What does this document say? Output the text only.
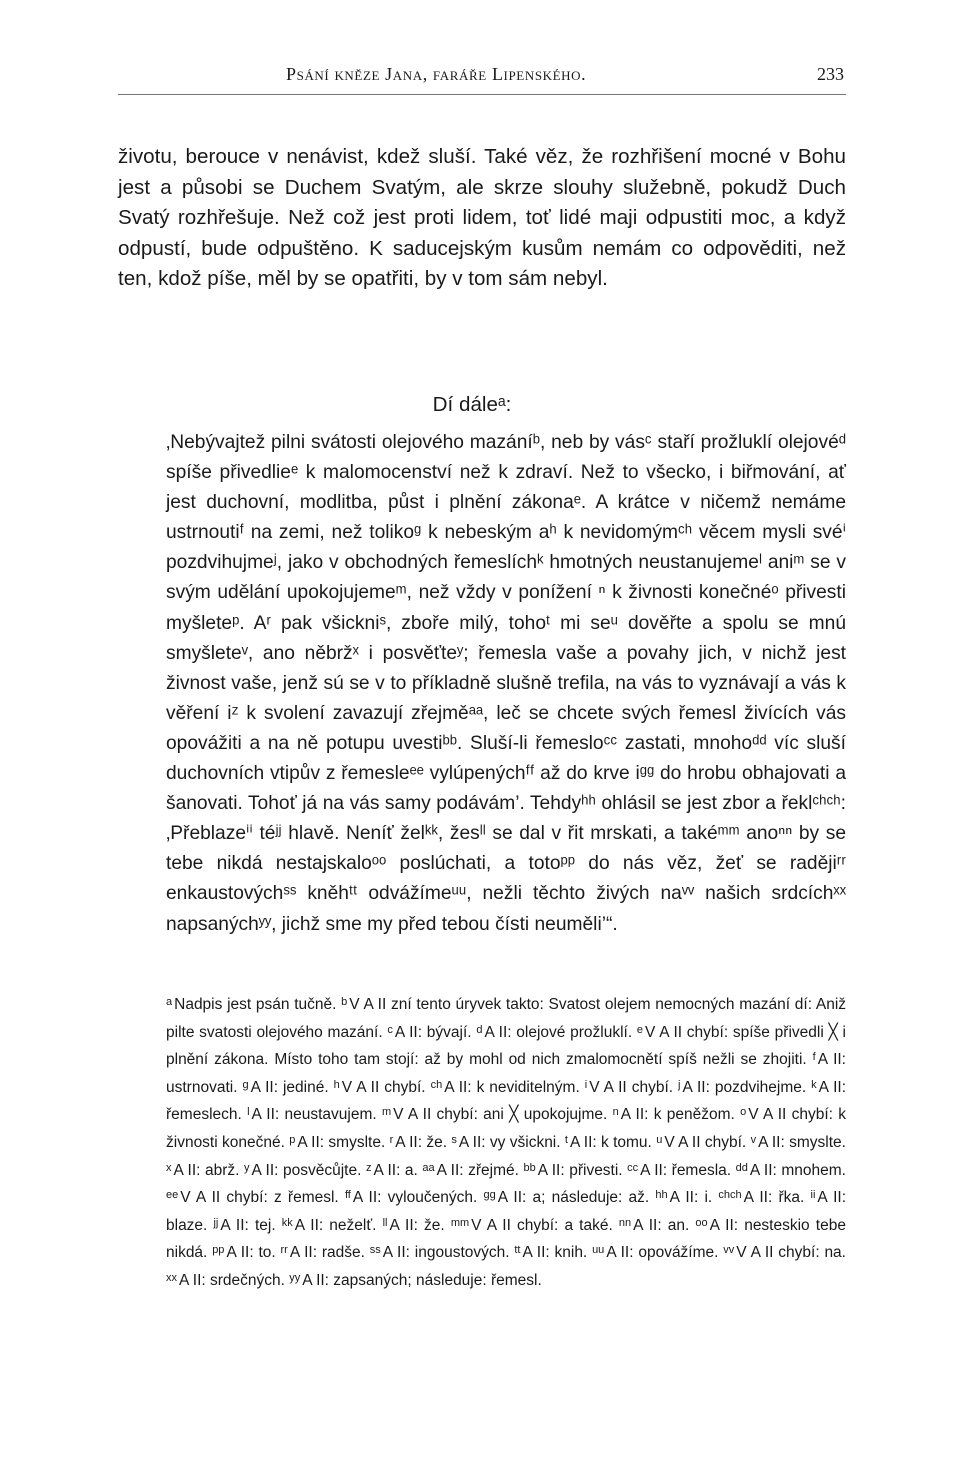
Psání kněze Jana, faráře Lipenského.	233

životu, berouce v nenávist, kdež sluší. Také věz, že rozhřišení mocné v Bohu jest a působi se Duchem Svatým, ale skrze slouhy služebně, pokudž Duch Svatý rozhřešuje. Než což jest proti lidem, toť lidé maji odpustiti moc, a když odpustí, bude odpuštěno. K saducejským kusům nemám co odpověditi, než ten, kdož píše, měl by se opatřiti, by v tom sám nebyl.

Dí dáleᵃ:

‚Nebývajtež pilni svátosti olejového mazáníᵇ, neb by vásᶜ staří prožluklí olejovéᵈ spíše přivedlieᵉ k malomocenství než k zdraví. Než to všecko, i biřmování, ať jest duchovní, modlitba, půst i plnění zákonaᵉ. A krátce v ničemž nemáme ustrnoutiᶠ na zemi, než tolikoᵍ k nebeským aʰ k nevidomýmᶜʰ věcem mysli svéⁱ pozdvihujmeʲ, jako v obchodných řemeslíchᵏ hmotných neustanujemeˡ aniᵐ se v svým udělání upokojujemeᵐ, než vždy v ponížení ⁿ k živnosti konečnéᵒ přivesti myšleteᵖ. Aʳ pak všickniˢ, zboře milý, tohoᵗ mi seᵘ dověřte a spolu se mnú smyšleteᵛ, ano něbržˣ i posvěťteʸ; řemesla vaše a povahy jich, v nichž jest živnost vaše, jenž sú se v to příkladně slušně trefila, na vás to vyznávají a vás k věření iᶻ k svolení zavazují zřejměᵃᵃ, leč se chcete svých řemesl živících vás opovážiti a na ně potupu uvestiᵇᵇ. Sluší-li řemesloᶜᶜ zastati, mnohoᵈᵈ víc sluší duchovních vtipův z řemesleᵉᵉ vylúpenýchᶠᶠ až do krve iᵍᵍ do hrobu obhajovati a šanovati. Tohoť já na vás samy podávám’. Tehdyʰʰ ohlásil se jest zbor a řeklᶜʰᶜʰ: ‚Přeblazeⁱⁱ téʲʲ hlavě. Neníť želᵏᵏ, žesˡˡ se dal v řit mrskati, a takéᵐᵐ anoⁿⁿ by se tebe nikdá nestajskaloᵒᵒ poslúchati, a totoᵖᵖ do nás věz, žeť se radějiʳʳ enkaustovýchˢˢ kněhᵗᵗ odvážímeᵘᵘ, nežli těchto živých naᵛᵛ našich srdcíchˣˣ napsanýchʸʸ, jichž sme my před tebou čísti neuměli’“.

$^a$ Nadpis jest psán tučně. $^b$ V A II zní tento úryvek takto: Svatost olejem nemocných mazání dí: Aniž pilte svatosti olejového mazání. $^c$ A II: bývají. $^d$ A II: olejové prožluklí. $^e$ V A II chybí: spíše přivedli ╳ i plnění zákona. Místo toho tam stojí: až by mohl od nich zmalomocnětí spíš nežli se zhojiti. $^f$ A II: ustrnovati. $^g$ A II: jediné. $^h$ V A II chybí. $^{ch}$ A II: k neviditelným. $^i$ V A II chybí. $^j$ A II: pozdvihejme. $^k$ A II: řemeslech. $^l$ A II: neustavujem. $^m$ V A II chybí: ani ╳ upokojujme. $^n$ A II: k peněžom. $^o$ V A II chybí: k živnosti konečné. $^p$ A II: smyslte. $^r$ A II: že. $^s$ A II: vy všickni. $^t$ A II: k tomu. $^u$ V A II chybí. $^v$ A II: smyslte. $^x$ A II: abrž. $^y$ A II: posvěcůjte. $^z$ A II: a. $^{aa}$ A II: zřejmé. $^{bb}$ A II: přivesti. $^{cc}$ A II: řemesla. $^{dd}$ A II: mnohem. $^{ee}$ V A II chybí: z řemesl. $^{ff}$ A II: vyloučených. $^{gg}$ A II: a; následuje: až. $^{hh}$ A II: i. $^{chch}$ A II: řka. $^{ii}$ A II: blaze. $^{jj}$ A II: tej. $^{kk}$ A II: neželť. $^{ll}$ A II: že. $^{mm}$ V A II chybí: a také. $^{nn}$ A II: an. $^{oo}$ A II: nesteskio tebe nikdá. $^{pp}$ A II: to. $^{rr}$ A II: radše. $^{ss}$ A II: ingoustových. $^{tt}$ A II: knih. $^{uu}$ A II: opovážíme. $^{vv}$ V A II chybí: na. $^{xx}$ A II: srdečných. $^{yy}$ A II: zapsaných; následuje: řemesl.
